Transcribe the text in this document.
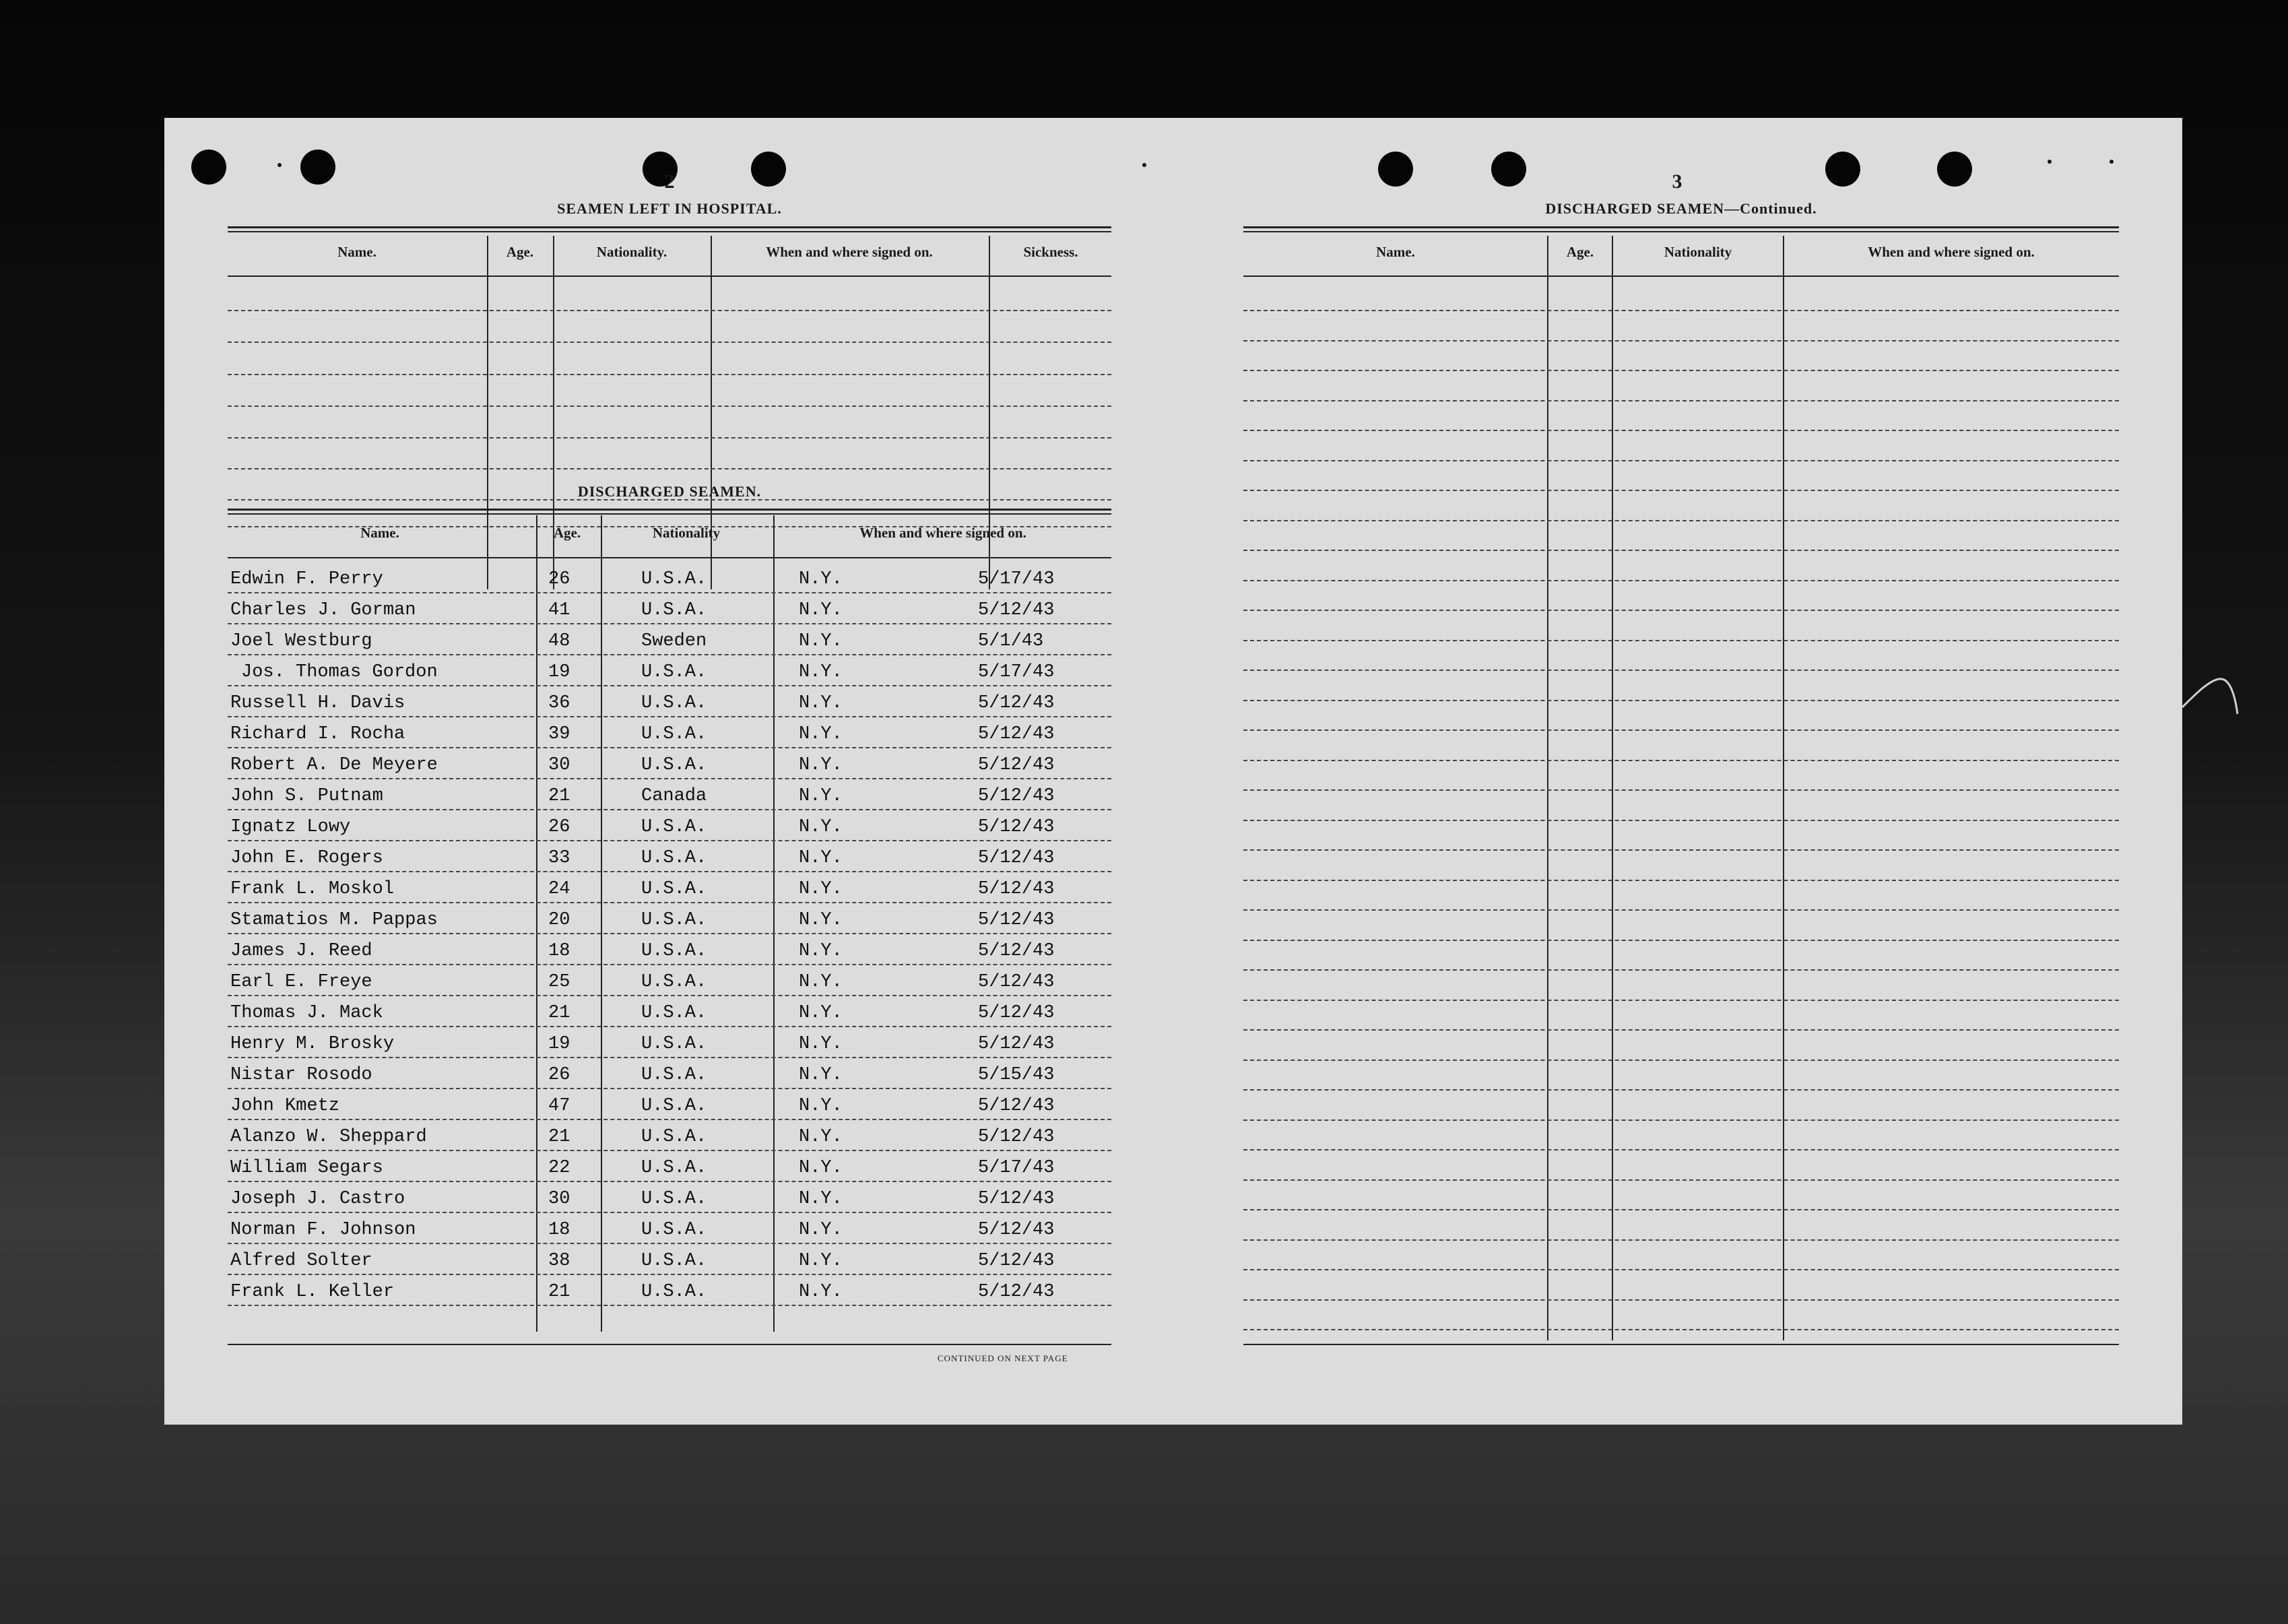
2
SEAMEN LEFT IN HOSPITAL.
Name.	Age.	Nationality.	When and where signed on.	Sickness.
DISCHARGED SEAMEN.
Name.	Age.	Nationality	When and where signed on.
Edwin F. Perry	26	U.S.A.	N.Y.	5/17/43
Charles J. Gorman	41	U.S.A.	N.Y.	5/12/43
Joel Westburg	48	Sweden	N.Y.	5/1/43
Jos. Thomas Gordon	19	U.S.A.	N.Y.	5/17/43
Russell H. Davis	36	U.S.A.	N.Y.	5/12/43
Richard I. Rocha	39	U.S.A.	N.Y.	5/12/43
Robert A. De Meyere	30	U.S.A.	N.Y.	5/12/43
John S. Putnam	21	Canada	N.Y.	5/12/43
Ignatz Lowy	26	U.S.A.	N.Y.	5/12/43
John E. Rogers	33	U.S.A.	N.Y.	5/12/43
Frank L. Moskol	24	U.S.A.	N.Y.	5/12/43
Stamatios M. Pappas	20	U.S.A.	N.Y.	5/12/43
James J. Reed	18	U.S.A.	N.Y.	5/12/43
Earl E. Freye	25	U.S.A.	N.Y.	5/12/43
Thomas J. Mack	21	U.S.A.	N.Y.	5/12/43
Henry M. Brosky	19	U.S.A.	N.Y.	5/12/43
Nistar Rosodo	26	U.S.A.	N.Y.	5/15/43
John Kmetz	47	U.S.A.	N.Y.	5/12/43
Alanzo W. Sheppard	21	U.S.A.	N.Y.	5/12/43
William Segars	22	U.S.A.	N.Y.	5/17/43
Joseph J. Castro	30	U.S.A.	N.Y.	5/12/43
Norman F. Johnson	18	U.S.A.	N.Y.	5/12/43
Alfred Solter	38	U.S.A.	N.Y.	5/12/43
Frank L. Keller	21	U.S.A.	N.Y.	5/12/43
CONTINUED ON NEXT PAGE
3
DISCHARGED SEAMEN—Continued.
Name.	Age.	Nationality	When and where signed on.
